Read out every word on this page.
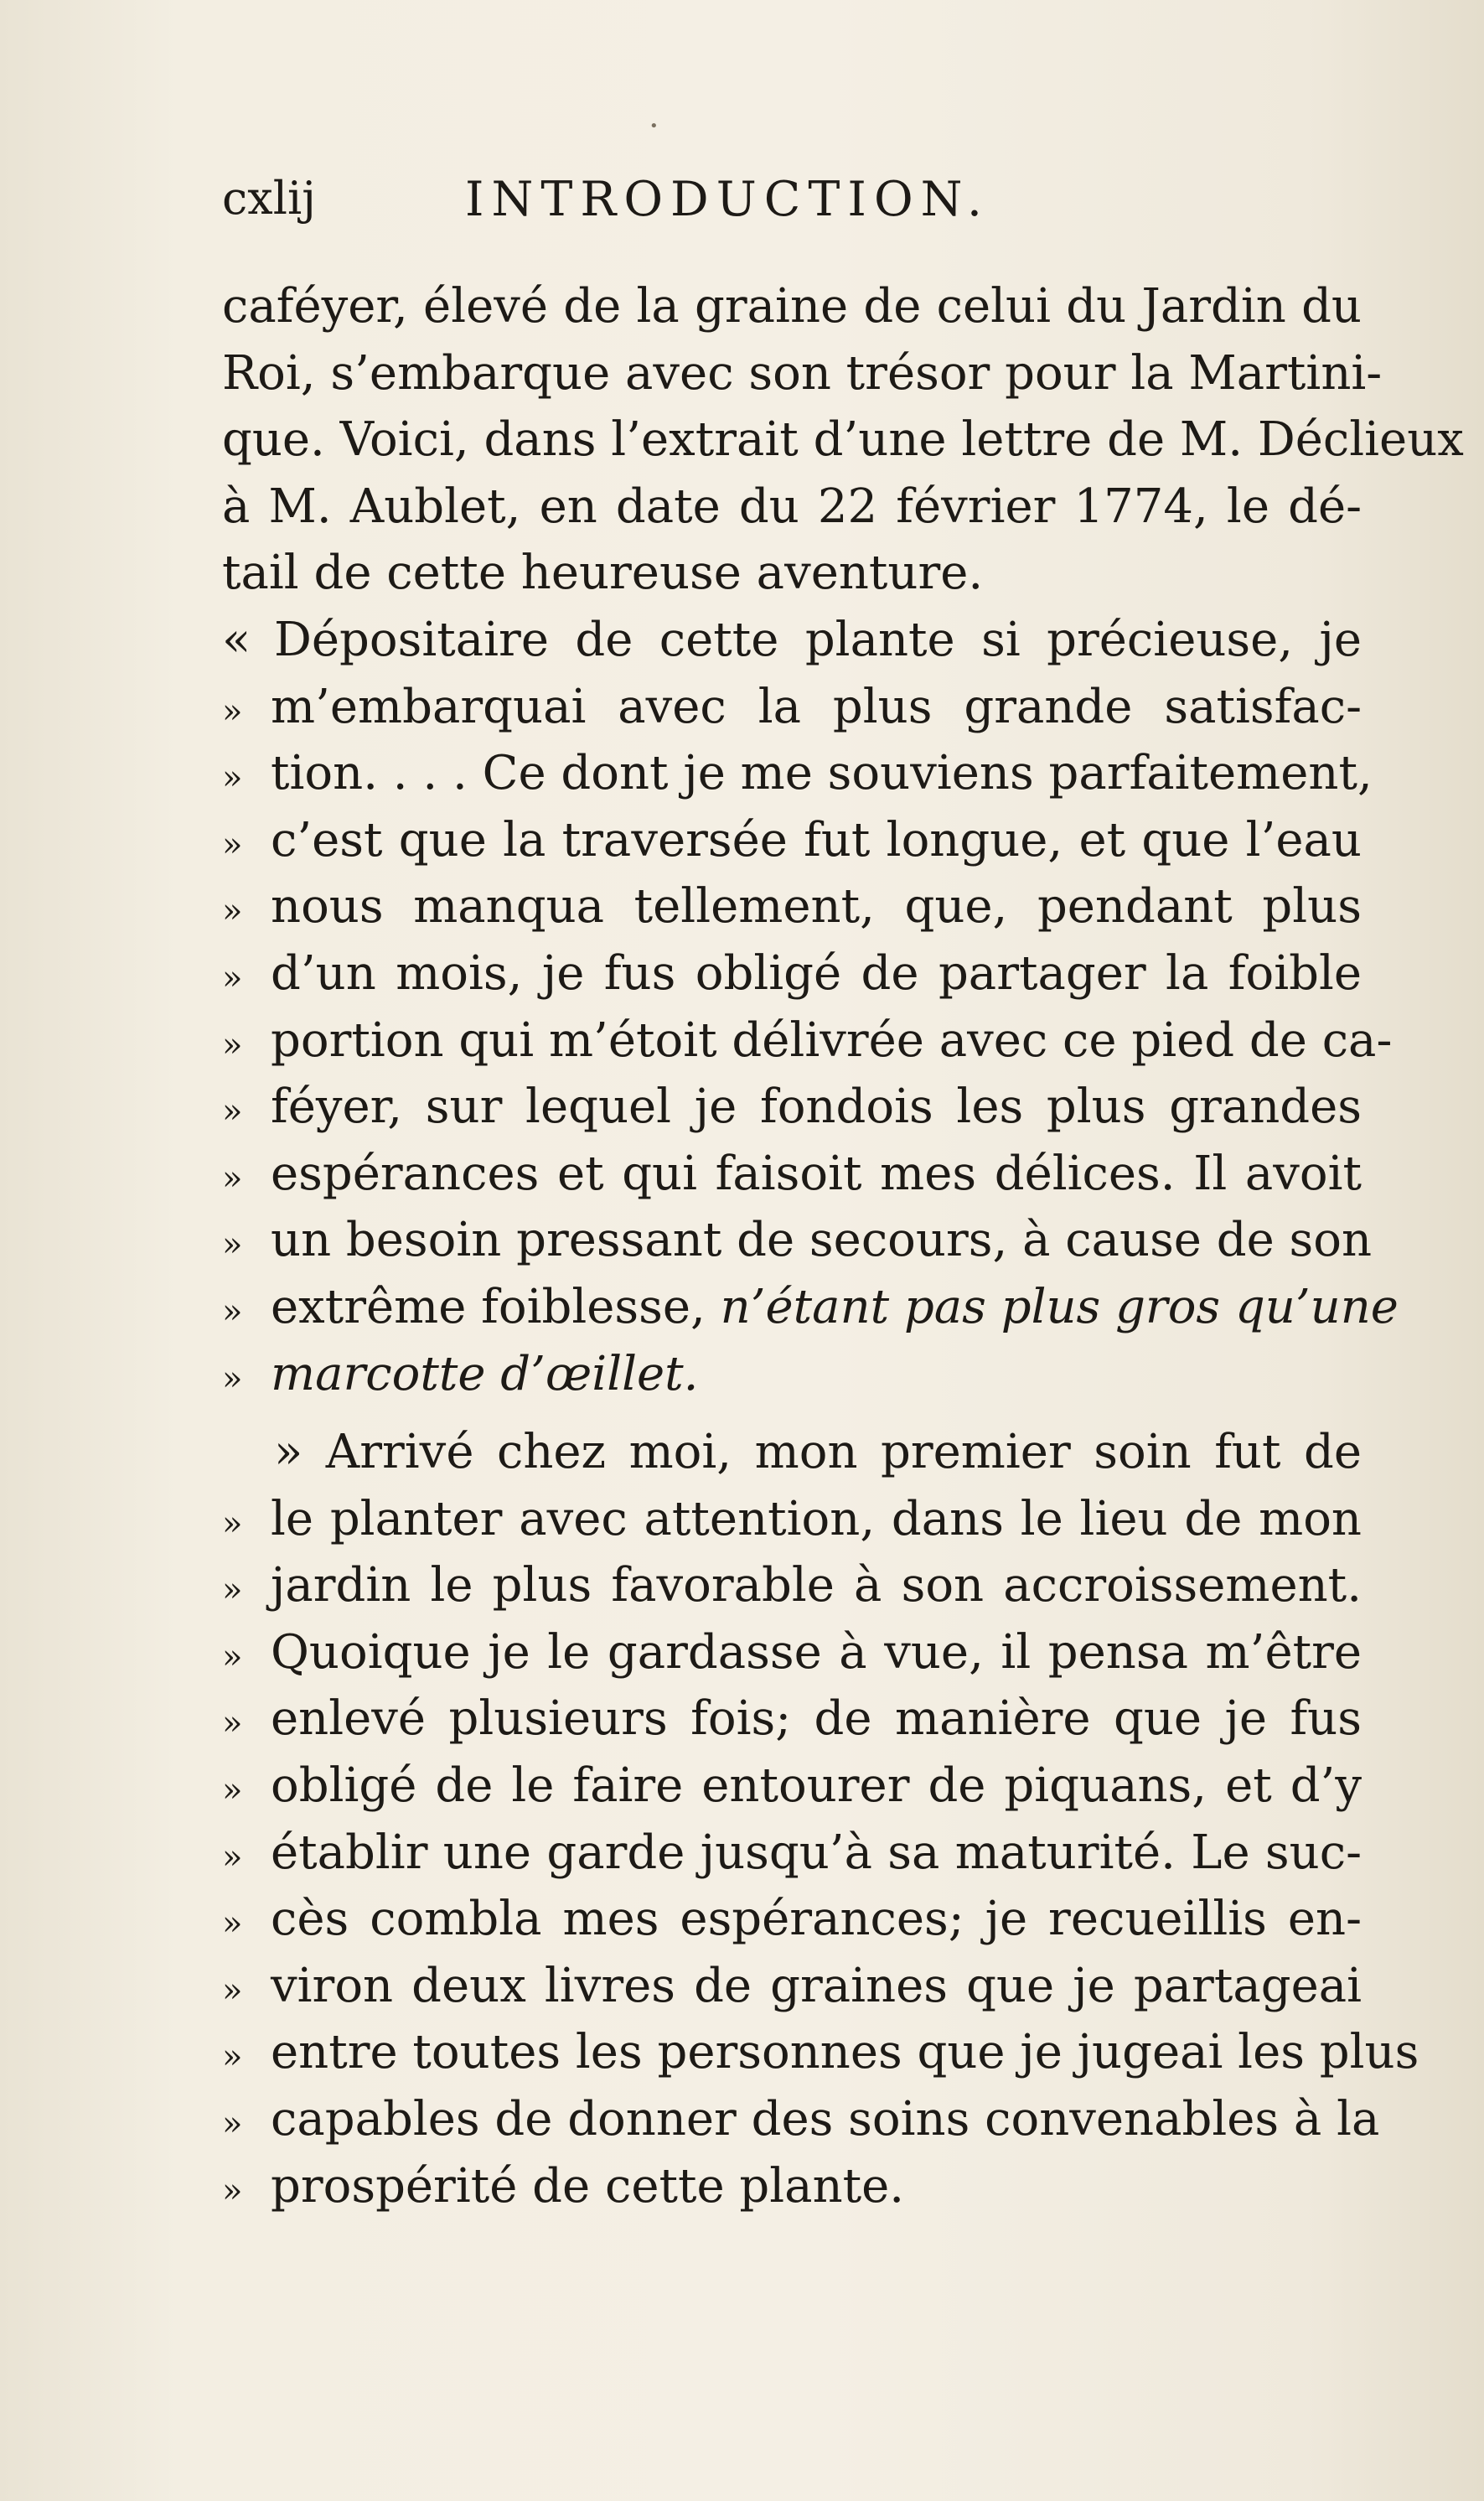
•
cxlij	INTRODUCTION.
caféyer, élevé de la graine de celui du Jardin du
Roi, s’embarque avec son trésor pour la Martini-
que. Voici, dans l’extrait d’une lettre de M. Déclieux
à M. Aublet, en date du 22 février 1774, le dé-
tail de cette heureuse aventure.
« Dépositaire de cette plante si précieuse, je
» m’embarquai avec la plus grande satisfac-
» tion. . . . Ce dont je me souviens parfaitement,
» c’est que la traversée fut longue, et que l’eau
» nous manqua tellement, que, pendant plus
» d’un mois, je fus obligé de partager la foible
» portion qui m’étoit délivrée avec ce pied de ca-
» féyer, sur lequel je fondois les plus grandes
» espérances et qui faisoit mes délices. Il avoit
» un besoin pressant de secours, à cause de son
» extrême foiblesse, n’étant pas plus gros qu’une
» marcotte d’œillet.
» Arrivé chez moi, mon premier soin fut de
» le planter avec attention, dans le lieu de mon
» jardin le plus favorable à son accroissement.
» Quoique je le gardasse à vue, il pensa m’être
» enlevé plusieurs fois; de manière que je fus
» obligé de le faire entourer de piquans, et d’y
» établir une garde jusqu’à sa maturité. Le suc-
» cès combla mes espérances; je recueillis en-
» viron deux livres de graines que je partageai
» entre toutes les personnes que je jugeai les plus
» capables de donner des soins convenables à la
» prospérité de cette plante.
